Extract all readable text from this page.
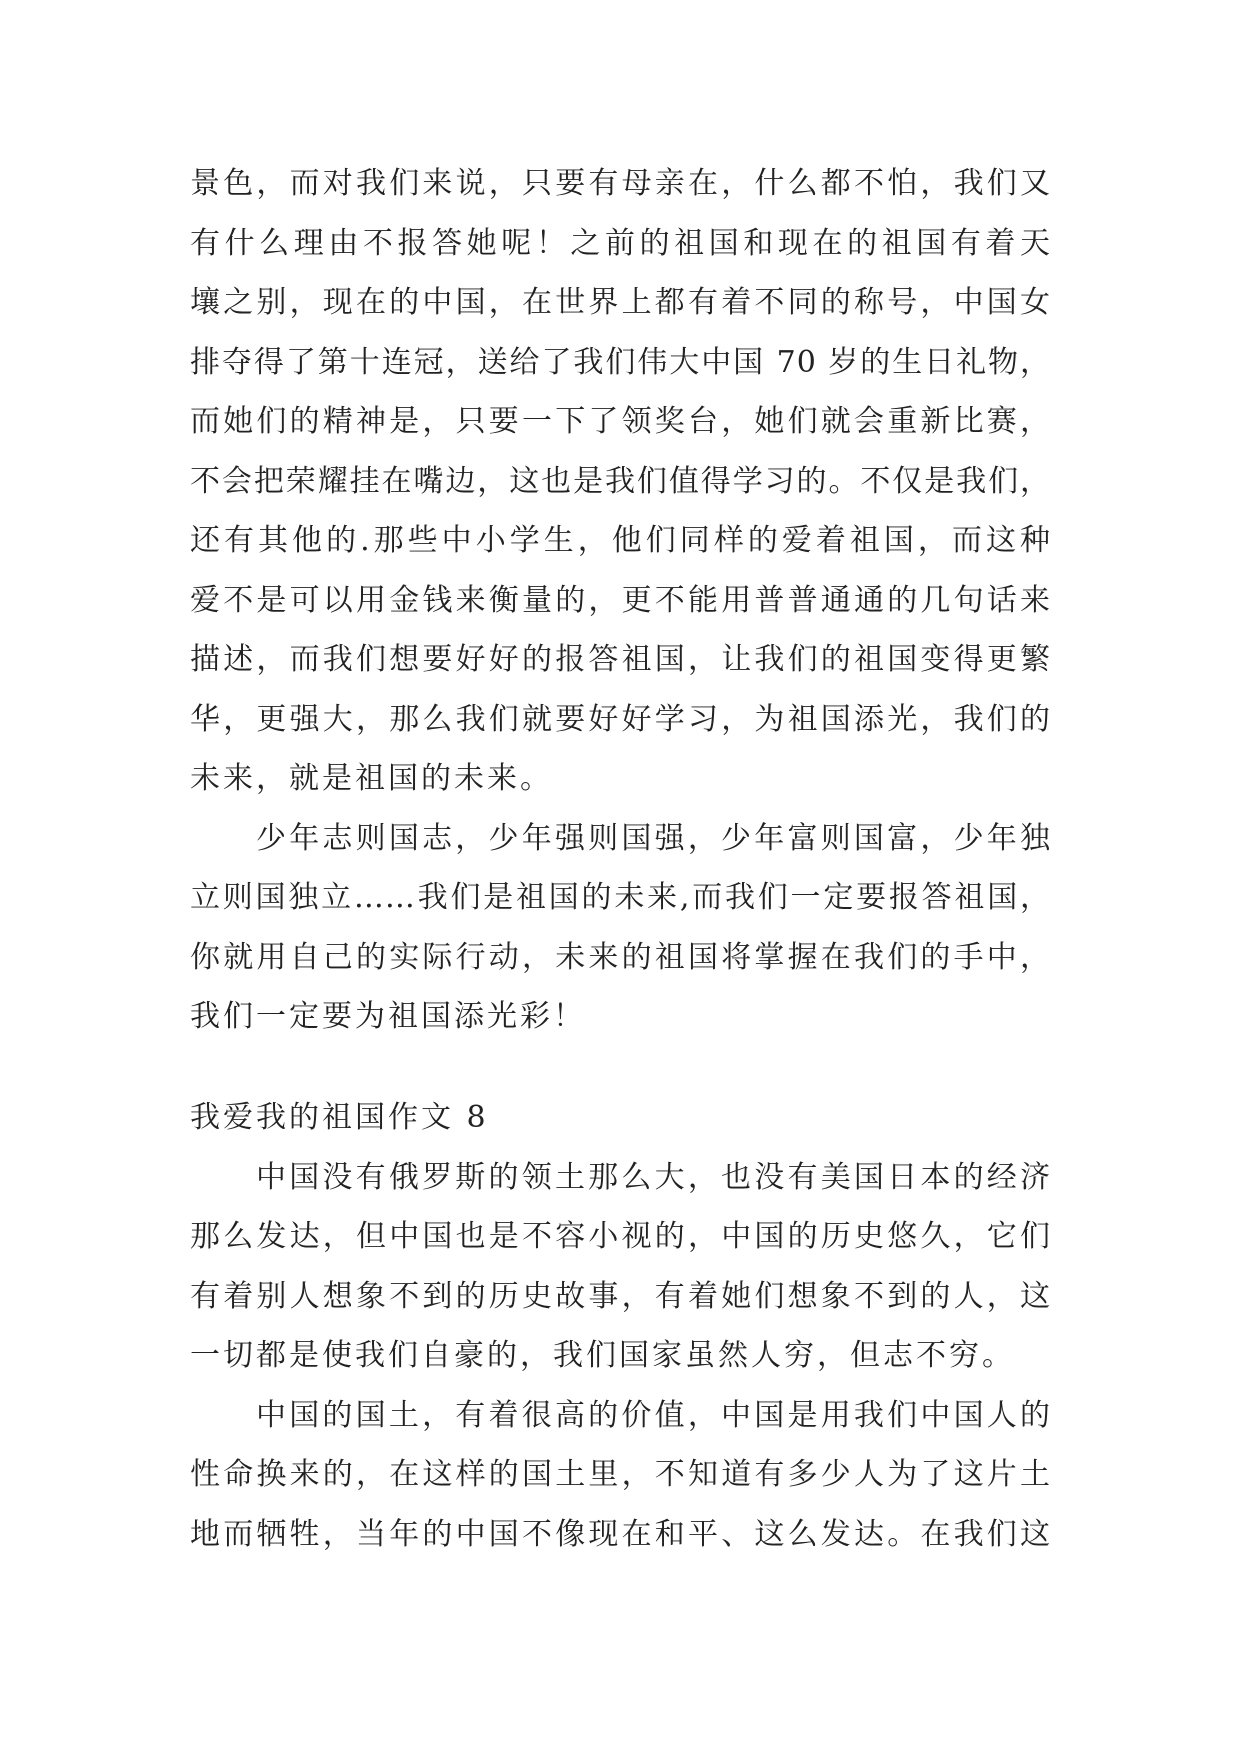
景色，而对我们来说，只要有母亲在，什么都不怕，我们又
有什么理由不报答她呢！之前的祖国和现在的祖国有着天
壤之别，现在的中国，在世界上都有着不同的称号，中国女
排夺得了第十连冠，送给了我们伟大中国 70 岁的生日礼物，
而她们的精神是，只要一下了领奖台，她们就会重新比赛，
不会把荣耀挂在嘴边，这也是我们值得学习的。不仅是我们，
还有其他的.那些中小学生，他们同样的爱着祖国，而这种
爱不是可以用金钱来衡量的，更不能用普普通通的几句话来
描述，而我们想要好好的报答祖国，让我们的祖国变得更繁
华，更强大，那么我们就要好好学习，为祖国添光，我们的
未来，就是祖国的未来。
少年志则国志，少年强则国强，少年富则国富，少年独
立则国独立……我们是祖国的未来,而我们一定要报答祖国，
你就用自己的实际行动，未来的祖国将掌握在我们的手中，
我们一定要为祖国添光彩！
我爱我的祖国作文 8
中国没有俄罗斯的领土那么大，也没有美国日本的经济
那么发达，但中国也是不容小视的，中国的历史悠久，它们
有着别人想象不到的历史故事，有着她们想象不到的人，这
一切都是使我们自豪的，我们国家虽然人穷，但志不穷。
中国的国土，有着很高的价值，中国是用我们中国人的
性命换来的，在这样的国土里，不知道有多少人为了这片土
地而牺牲，当年的中国不像现在和平、这么发达。在我们这
